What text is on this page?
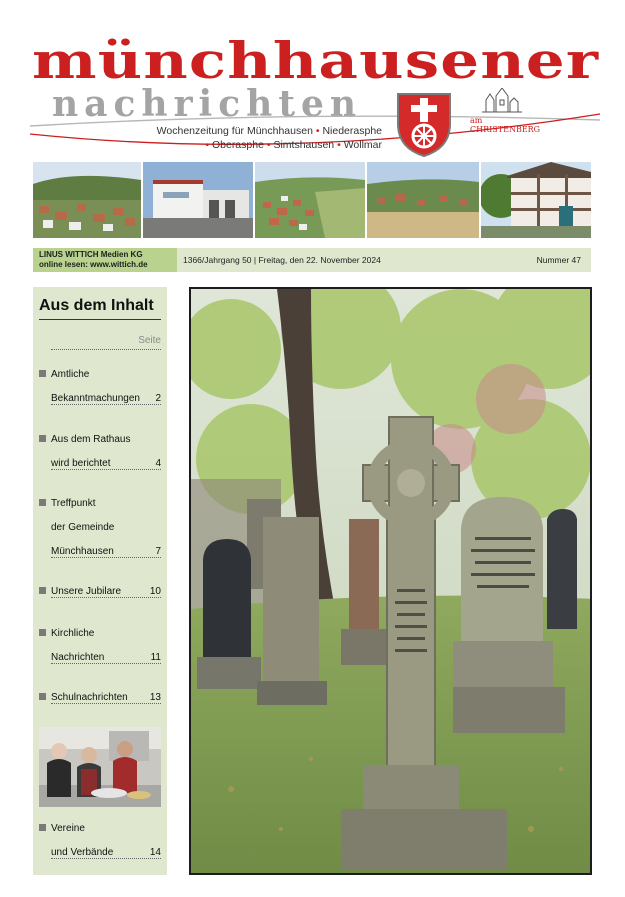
münchhausener
nachrichten
Wochenzeitung für Münchhausen • Niederasphe
• Oberasphe • Simtshausen • Wollmar
am
CHRISTENBERG
LINUS WITTICH Medien KG
online lesen: www.wittich.de	1366/Jahrgang 50 | Freitag, den 22. November 2024	Nummer 47
Aus dem Inhalt
Seite
Amtliche
Bekanntmachungen 2
Aus dem Rathaus
wird berichtet	4
Treffpunkt
der Gemeinde
Münchhausen	7
Unsere Jubilare	10
Kirchliche
Nachrichten	11
Schulnachrichten 13
Vereine
und Verbände	14
